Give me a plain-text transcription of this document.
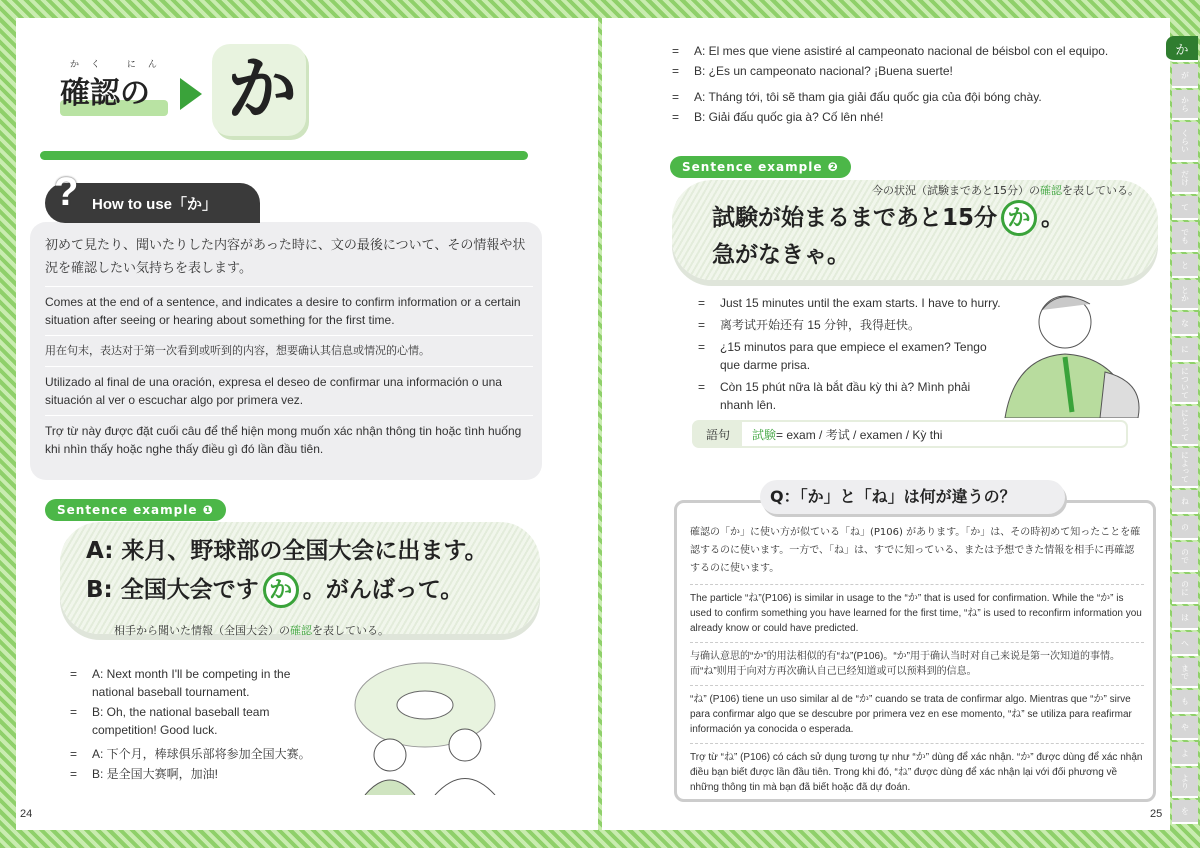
かく にん
確認の か
? How to use「か」
初めて見たり、聞いたりした内容があった時に、文の最後について、その情報や状況を確認したい気持ちを表します。
Comes at the end of a sentence, and indicates a desire to confirm information or a certain situation after seeing or hearing about something for the first time.
用在句末，表达对于第一次看到或听到的内容，想要确认其信息或情况的心情。
Utilizado al final de una oración, expresa el deseo de confirmar una información o una situación al ver o escuchar algo por primera vez.
Trợ từ này được đặt cuối câu để thể hiện mong muốn xác nhận thông tin hoặc tình huống khi nhìn thấy hoặc nghe thấy điều gì đó lần đầu tiên.
Sentence example ❶
A: 来月、野球部の全国大会に出ます。
B: 全国大会です か 。がんばって。
相手から聞いた情報（全国大会）の確認を表している。
= A: Next month I'll be competing in the national baseball tournament.
= B: Oh, the national baseball team competition! Good luck.
= A: 下个月，棒球俱乐部将参加全国大赛。
= B: 是全国大赛啊，加油!
24
= A: El mes que viene asistiré al campeonato nacional de béisbol con el equipo.
= B: ¿Es un campeonato nacional? ¡Buena suerte!
= A: Tháng tới, tôi sẽ tham gia giải đấu quốc gia của đội bóng chày.
= B: Giải đấu quốc gia à? Cố lên nhé!
Sentence example ❷
今の状況（試験まであと15分）の確認を表している。
試験が始まるまであと15分 か 。
急がなきゃ。
= Just 15 minutes until the exam starts. I have to hurry.
= 离考试开始还有 15 分钟，我得赶快。
= ¿15 minutos para que empiece el examen? Tengo que darme prisa.
= Còn 15 phút nữa là bắt đầu kỳ thi à? Mình phải nhanh lên.
語句	試験 = exam / 考试 / examen / Kỳ thi
Q：「か」と「ね」は何が違うの？
確認の「か」に使い方が似ている「ね」(P106) があります。「か」は、その時初めて知ったことを確認するのに使います。一方で、「ね」は、すでに知っている、または予想できた情報を相手に再確認するのに使います。
The particle “ね”(P106) is similar in usage to the “か” that is used for confirmation. While the “か” is used to confirm something you have learned for the first time, “ね” is used to reconfirm information you already know or could have predicted.
与确认意思的“か”的用法相似的有“ね”(P106)。“か”用于确认当时对自己来说是第一次知道的事情。而“ね”则用于向对方再次确认自己已经知道或可以预料到的信息。
“ね” (P106) tiene un uso similar al de “か” cuando se trata de confirmar algo. Mientras que “か” sirve para confirmar algo que se descubre por primera vez en ese momento, “ね” se utiliza para reafirmar información ya conocida o esperada.
Trợ từ “ね” (P106) có cách sử dụng tương tự như “か” dùng để xác nhận. “か” được dùng để xác nhận điều bạn biết được lần đầu tiên. Trong khi đó, “ね” được dùng để xác nhận lại với đối phương về những thông tin mà bạn đã biết hoặc đã dự đoán.
25
か
が
から
くらい
だけ
て
でも
と
とか
な
に
について
にとって
によって
ね
の
ので
のに
は
へ
まで
も
や
よ
より
を
